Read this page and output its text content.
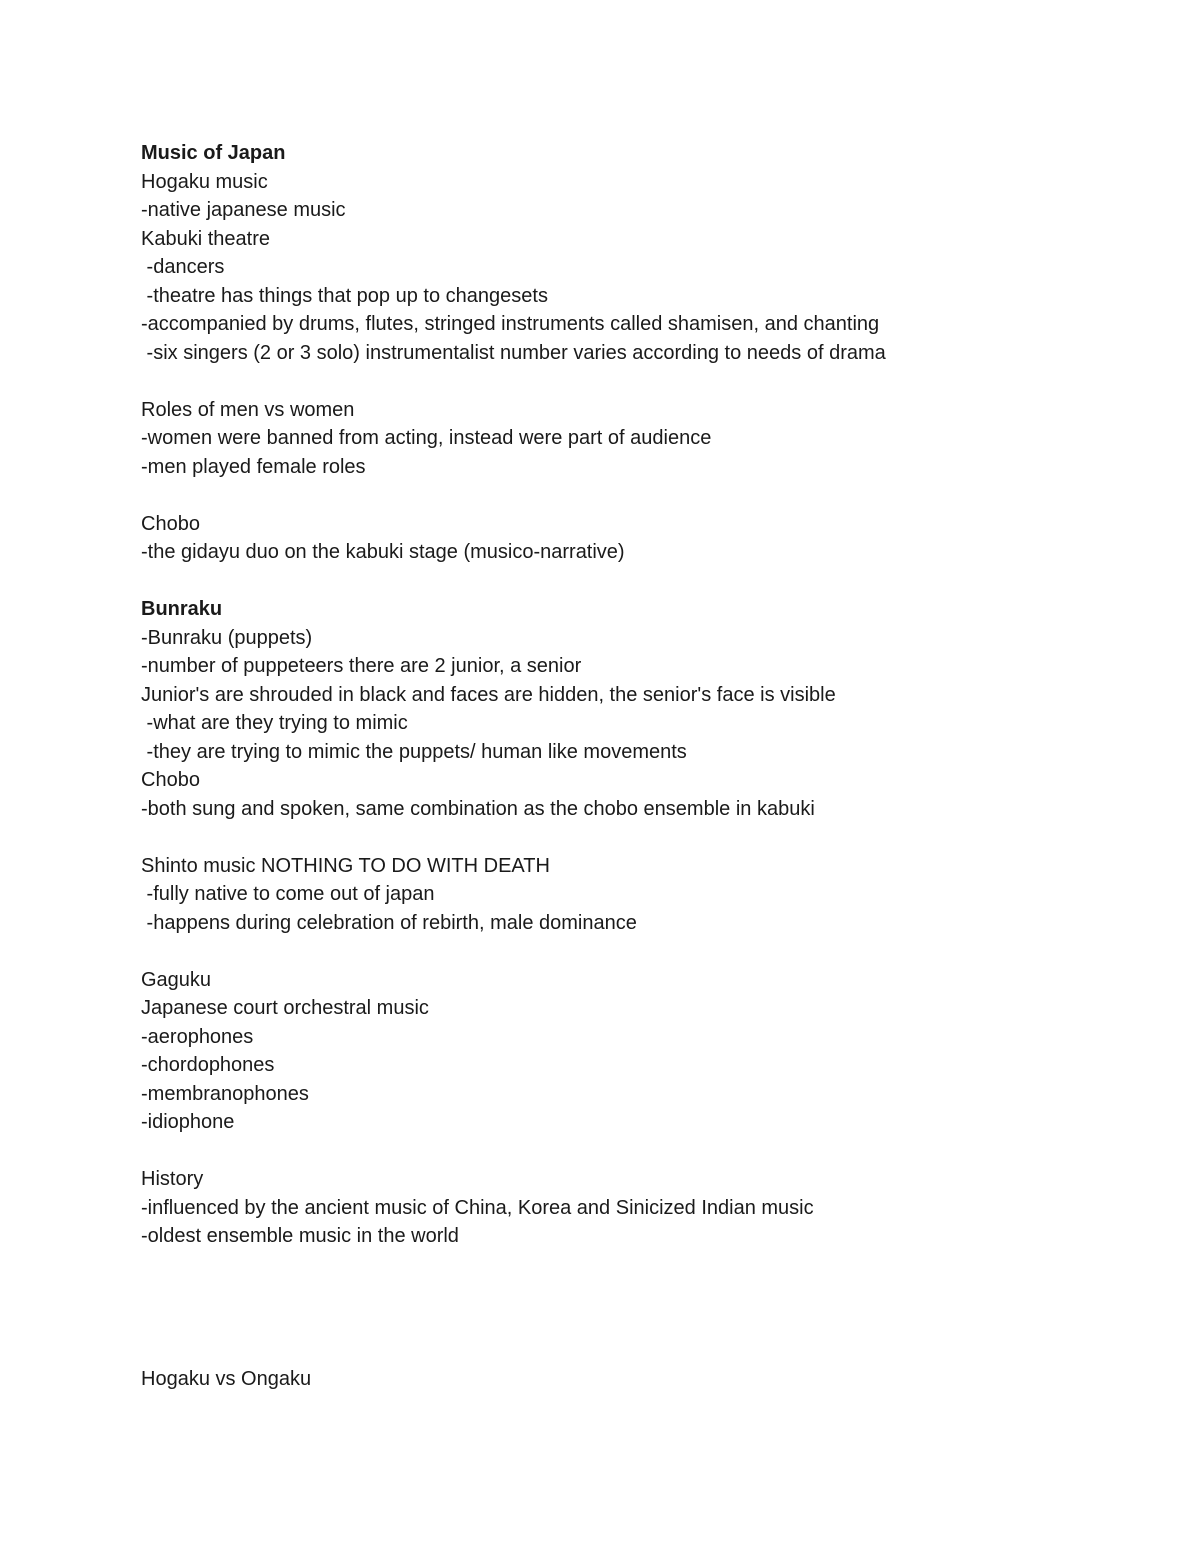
Music of Japan
Hogaku music
-native japanese music
Kabuki theatre
-dancers
-theatre has things that pop up to changesets
-accompanied by drums, flutes, stringed instruments called shamisen, and chanting
-six singers (2 or 3 solo) instrumentalist number varies according to needs of drama
Roles of men vs women
-women were banned from acting, instead were part of audience
-men played female roles
Chobo
-the gidayu duo on the kabuki stage (musico-narrative)
Bunraku
-Bunraku (puppets)
-number of puppeteers there are 2 junior, a senior
Junior's are shrouded in black and faces are hidden, the senior's face is visible
-what are they trying to mimic
-they are trying to mimic the puppets/ human like movements
Chobo
-both sung and spoken, same combination as the chobo ensemble in kabuki
Shinto music NOTHING TO DO WITH DEATH
-fully native to come out of japan
-happens during celebration of rebirth, male dominance
Gaguku
Japanese court orchestral music
-aerophones
-chordophones
-membranophones
-idiophone
History
-influenced by the ancient music of China, Korea and Sinicized Indian music
-oldest ensemble music in the world
Hogaku vs Ongaku
